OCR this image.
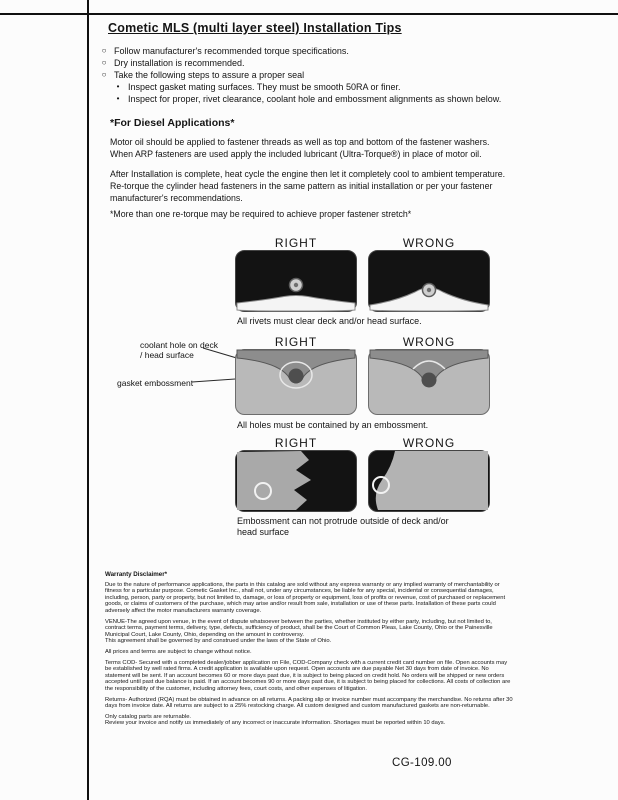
Cometic MLS (multi layer steel) Installation Tips
○ Follow manufacturer's recommended torque specifications.
○ Dry installation is recommended.
○ Take the following steps to assure a proper seal
• Inspect gasket mating surfaces. They must be smooth 50RA or finer.
• Inspect for proper, rivet clearance, coolant hole and embossment alignments as shown below.
*For Diesel Applications*
Motor oil should be applied to fastener threads as well as top and bottom of the fastener washers. When ARP fasteners are used apply the included lubricant (Ultra-Torque®) in place of motor oil.
After Installation is complete, heat cycle the engine then let it completely cool to ambient temperature. Re-torque the cylinder head fasteners in the same pattern as initial installation or per your fastener manufacturer's recommendations.
*More than one re-torque may be required to achieve proper fastener stretch*
RIGHT	WRONG
All rivets must clear deck and/or head surface.
RIGHT	WRONG
coolant hole on deck / head surface
gasket embossment
All holes must be contained by an embossment.
RIGHT	WRONG
Embossment can not protrude outside of deck and/or head surface
Warranty Disclaimer*

Due to the nature of performance applications, the parts in this catalog are sold without any express warranty or any implied warranty of merchantability or fitness for a particular purpose. Cometic Gasket Inc., shall not, under any circumstances, be liable for any special, incidental or consequential damages, including, person, party or property, but not limited to, damage, or loss of property or equipment, loss of profits or revenue, cost of purchased or replacement goods, or claims of customers of the purchase, which may arise and/or result from sale, installation or use of these parts. Installation of these parts could adversely affect the motor manufacturers warranty coverage.

VENUE-The agreed upon venue, in the event of dispute whatsoever between the parties, whether instituted by either party, including, but not limited to, contract terms, payment terms, delivery, type, defects, sufficiency of product, shall be the Court of Common Pleas, Lake County, Ohio or the Painesville Municipal Court, Lake County, Ohio, depending on the amount in controversy.

This agreement shall be governed by and construed under the laws of the State of Ohio.

All prices and terms are subject to change without notice.

Terms COD- Secured with a completed dealer/jobber application on File, COD-Company check with a current credit card number on file. Open accounts may be established by well rated firms. A credit application is available upon request. Open accounts are due payable Net 30 days from date of invoice. No statement will be sent. If an account becomes 60 or more days past due, it is subject to being placed on credit hold. No orders will be shipped or new orders accepted until past due balance is paid. If an account becomes 90 or more days past due, it is subject to being placed for collections. All costs of collection are the responsibility of the customer, including attorney fees, court costs, and other expenses of litigation.

Returns- Authorized (RQA) must be obtained in advance on all returns. A packing slip or invoice number must accompany the merchandise. No returns after 30 days from invoice date. All returns are subject to a 25% restocking charge. All custom designed and custom manufactured gaskets are non-returnable.

Only catalog parts are returnable.

Review your invoice and notify us immediately of any incorrect or inaccurate information. Shortages must be reported within 10 days.

CG-109.00
